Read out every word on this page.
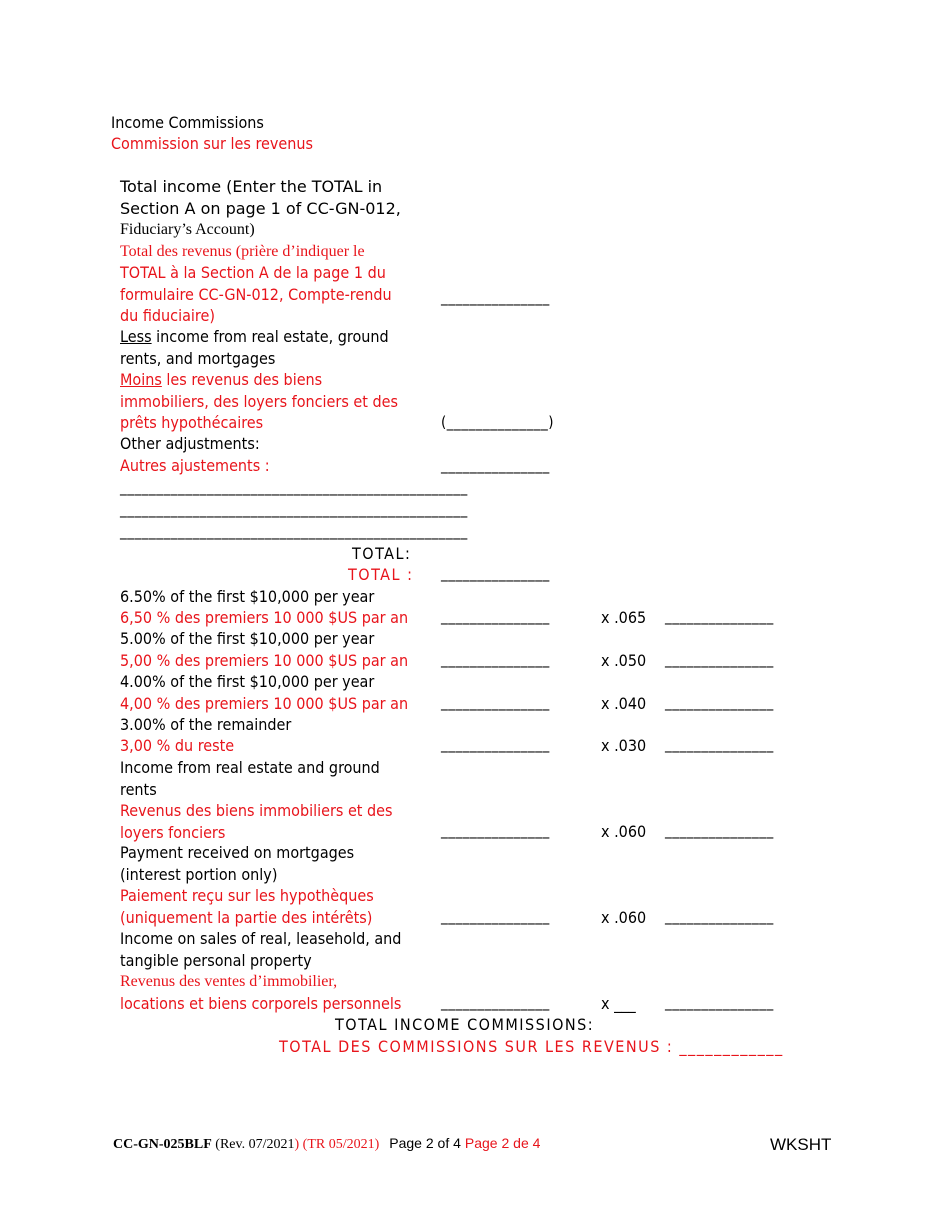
Income Commissions
Commission sur les revenus
Total income (Enter the TOTAL in
Section A on page 1 of CC-GN-012,
Fiduciary’s Account)
Total des revenus (prière d’indiquer le
TOTAL à la Section A de la page 1 du
formulaire CC-GN-012, Compte-rendu
du fiduciaire)
_______________
Less income from real estate, ground
rents, and mortgages
Moins les revenus des biens
immobiliers, des loyers fonciers et des
prêts hypothécaires	(______________)
Other adjustments:
Autres ajustements :	_______________
________________________________________________
________________________________________________
________________________________________________
TOTAL:
TOTAL : _______________
6.50% of the first $10,000 per year
6,50 % des premiers 10 000 $US par an _______________	x .065 _______________
5.00% of the first $10,000 per year
5,00 % des premiers 10 000 $US par an _______________	x .050 _______________
4.00% of the first $10,000 per year
4,00 % des premiers 10 000 $US par an _______________	x .040 _______________
3.00% of the remainder
3,00 % du reste	_______________	x .030 _______________
Income from real estate and ground
rents
Revenus des biens immobiliers et des
loyers fonciers	_______________	x .060 _______________
Payment received on mortgages
(interest portion only)
Paiement reçu sur les hypothèques
(uniquement la partie des intérêts)	_______________	x .060 _______________
Income on sales of real, leasehold, and
tangible personal property
Revenus des ventes d’immobilier,
locations et biens corporels personnels	_______________	x ___ _______________
TOTAL INCOME COMMISSIONS:
TOTAL DES COMMISSIONS SUR LES REVENUS : ____________
CC-GN-025BLF (Rev. 07/2021) (TR 05/2021) Page 2 of 4 Page 2 de 4	WKSHT
